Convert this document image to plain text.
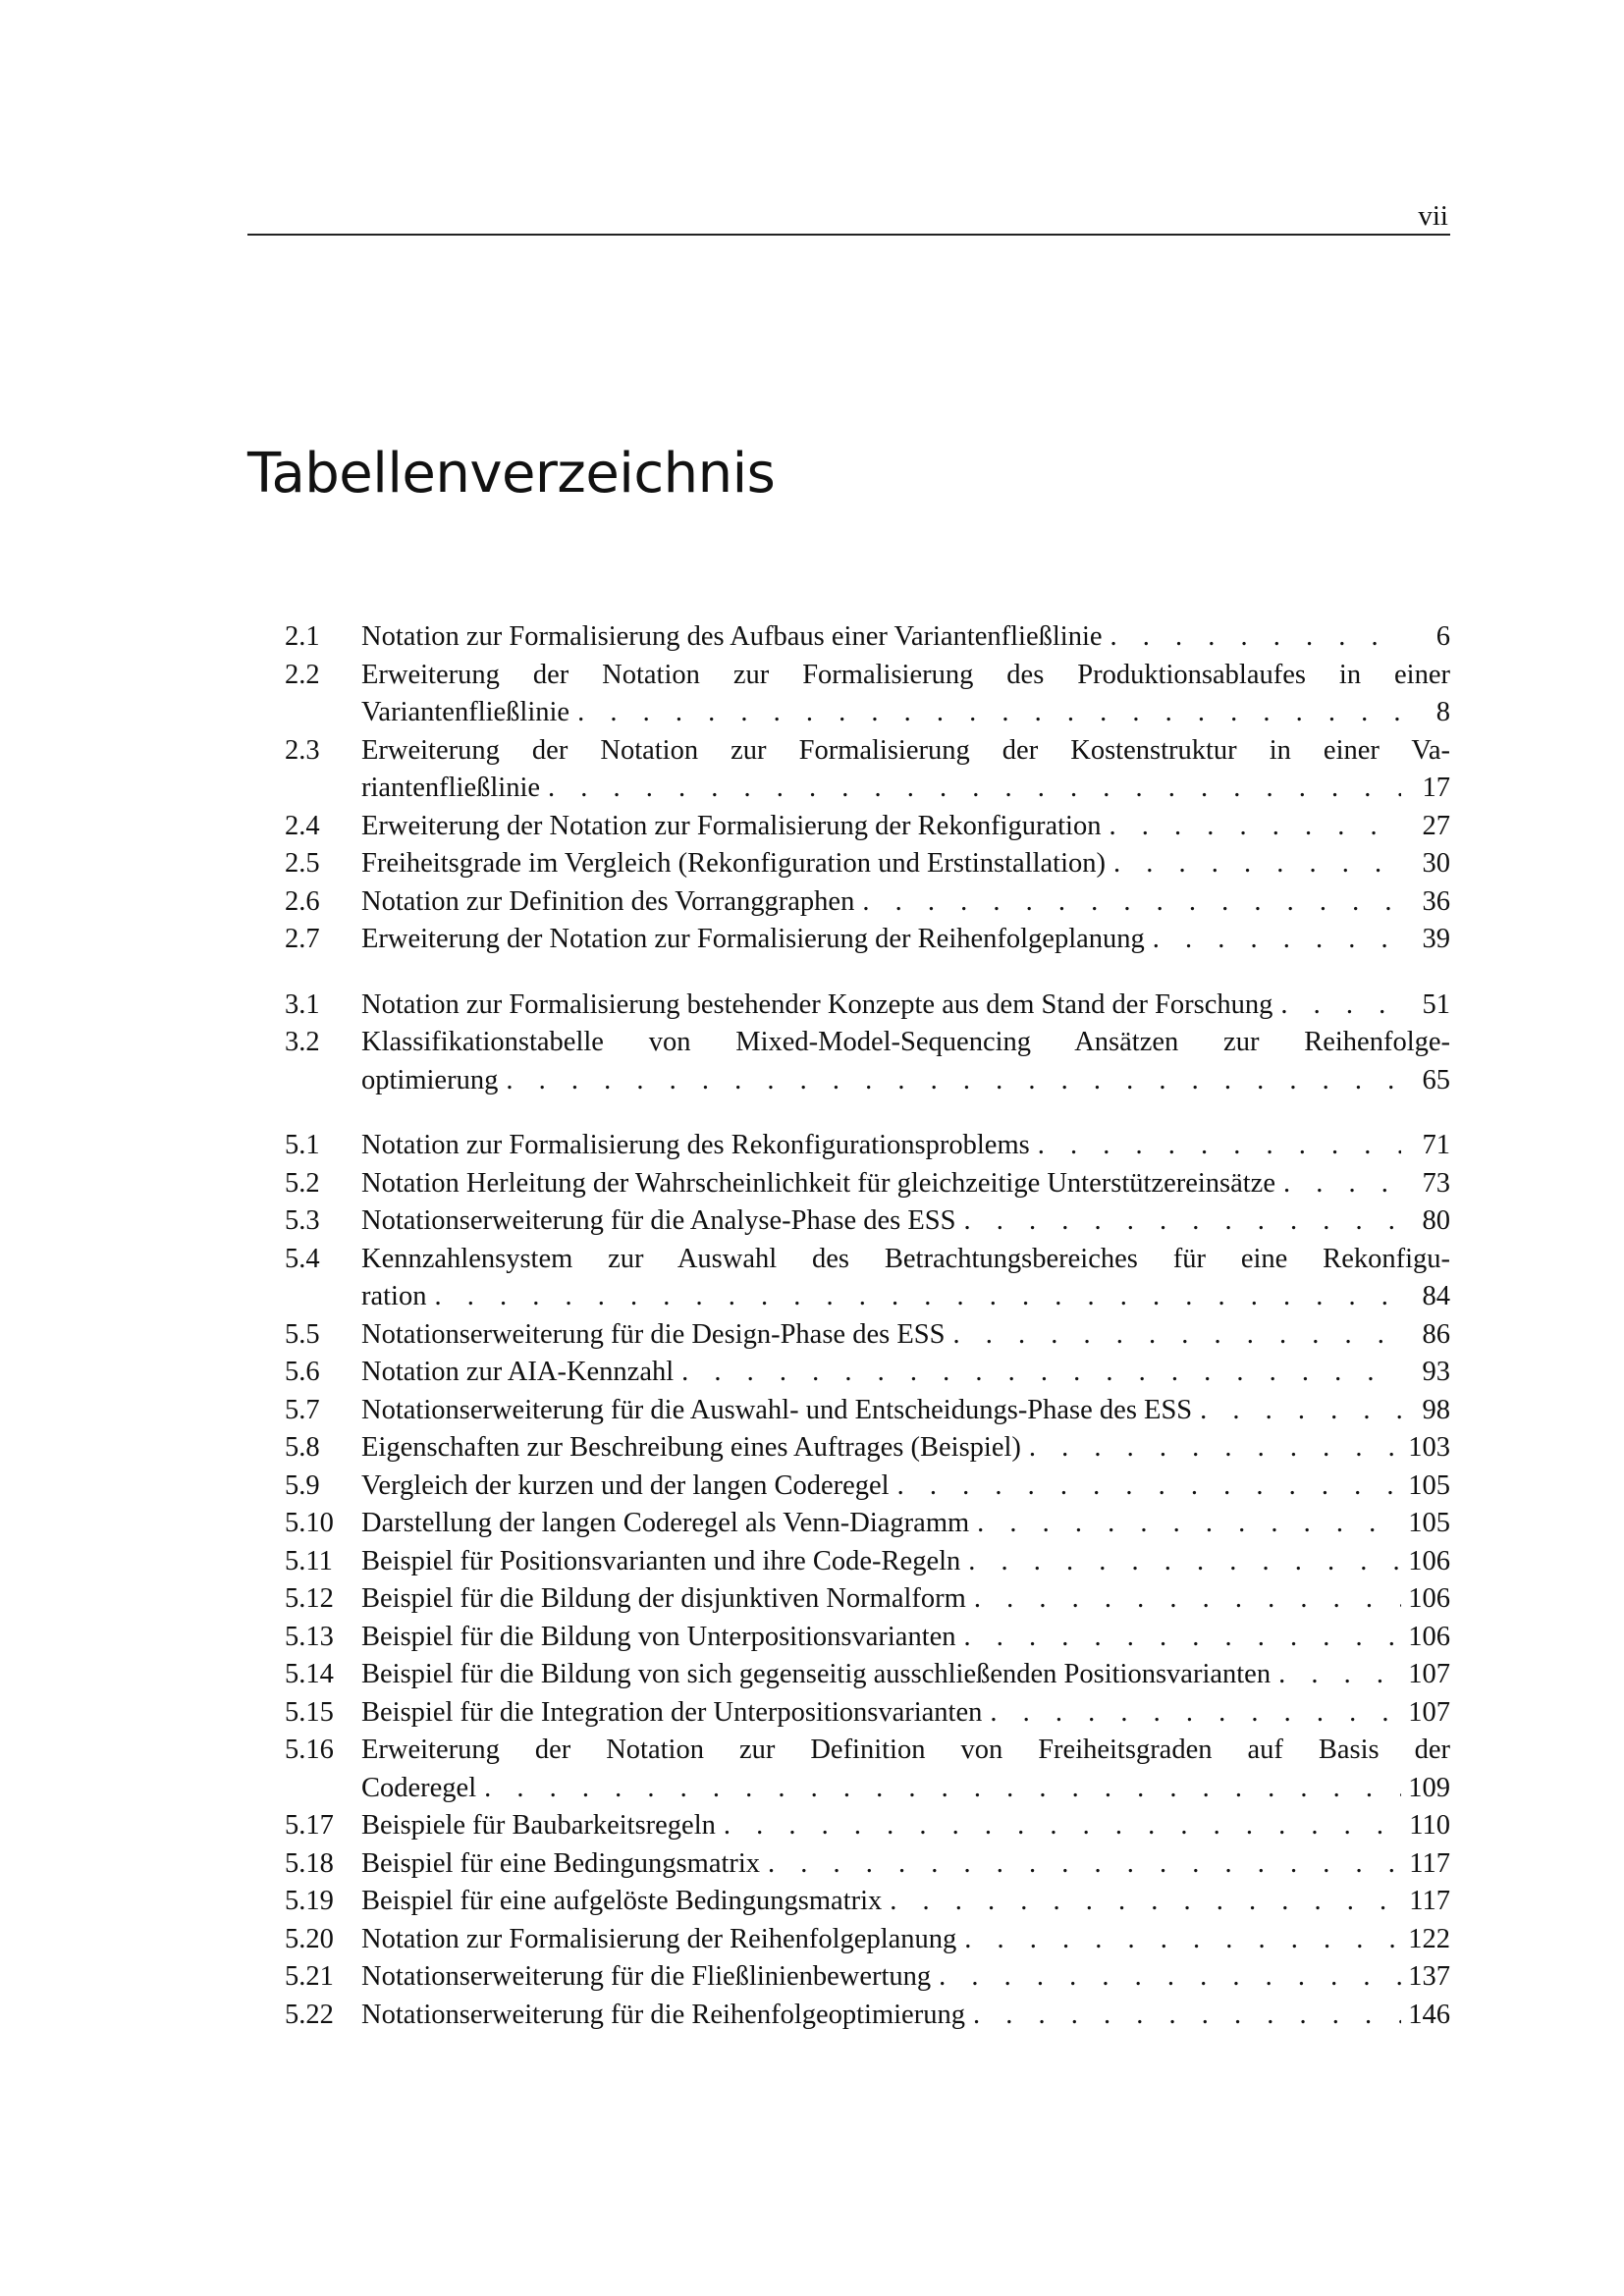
vii
Tabellenverzeichnis
2.1	Notation zur Formalisierung des Aufbaus einer Variantenfließlinie . . .	6
2.2	Erweiterung der Notation zur Formalisierung des Produktionsablaufes in einer
Variantenfließlinie . . .	8
2.3	Erweiterung der Notation zur Formalisierung der Kostenstruktur in einer Va-
riantenfließlinie . . .	17
2.4	Erweiterung der Notation zur Formalisierung der Rekonfiguration . . .	27
2.5	Freiheitsgrade im Vergleich (Rekonfiguration und Erstinstallation) . . .	30
2.6	Notation zur Definition des Vorranggraphen . . .	36
2.7	Erweiterung der Notation zur Formalisierung der Reihenfolgeplanung . . .	39
3.1	Notation zur Formalisierung bestehender Konzepte aus dem Stand der Forschung . . .	51
3.2	Klassifikationstabelle von Mixed-Model-Sequencing Ansätzen zur Reihenfolge-
optimierung . . .	65
5.1	Notation zur Formalisierung des Rekonfigurationsproblems . . .	71
5.2	Notation Herleitung der Wahrscheinlichkeit für gleichzeitige Unterstützereinsätze . . .	73
5.3	Notationserweiterung für die Analyse-Phase des ESS . . .	80
5.4	Kennzahlensystem zur Auswahl des Betrachtungsbereiches für eine Rekonfigu-
ration . . .	84
5.5	Notationserweiterung für die Design-Phase des ESS . . .	86
5.6	Notation zur AIA-Kennzahl . . .	93
5.7	Notationserweiterung für die Auswahl- und Entscheidungs-Phase des ESS . . .	98
5.8	Eigenschaften zur Beschreibung eines Auftrages (Beispiel) . . .	103
5.9	Vergleich der kurzen und der langen Coderegel . . .	105
5.10 Darstellung der langen Coderegel als Venn-Diagramm . . .	105
5.11	Beispiel für Positionsvarianten und ihre Code-Regeln . . .	106
5.12 Beispiel für die Bildung der disjunktiven Normalform . . .	106
5.13 Beispiel für die Bildung von Unterpositionsvarianten . . .	106
5.14 Beispiel für die Bildung von sich gegenseitig ausschließenden Positionsvarianten . . .	107
5.15 Beispiel für die Integration der Unterpositionsvarianten . . .	107
5.16 Erweiterung der Notation zur Definition von Freiheitsgraden auf Basis der
Coderegel . . .	109
5.17 Beispiele für Baubarkeitsregeln . . .	110
5.18 Beispiel für eine Bedingungsmatrix . . .	117
5.19 Beispiel für eine aufgelöste Bedingungsmatrix . . .	117
5.20 Notation zur Formalisierung der Reihenfolgeplanung . . .	122
5.21 Notationserweiterung für die Fließlinienbewertung . . .	137
5.22 Notationserweiterung für die Reihenfolgeoptimierung . . .	146
